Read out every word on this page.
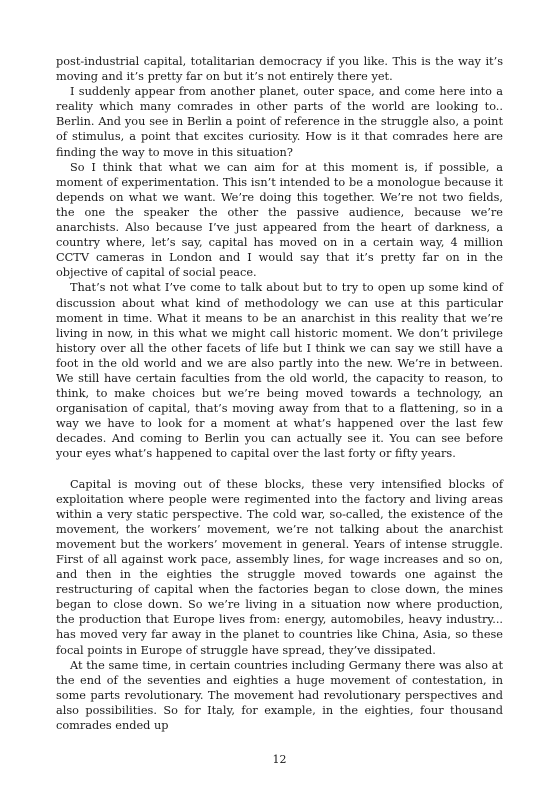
post-industrial capital, totalitarian democracy if you like. This is the way it’s moving and it’s pretty far on but it’s not entirely there yet.

I suddenly appear from another planet, outer space, and come here into a reality which many comrades in other parts of the world are looking to.. Berlin. And you see in Berlin a point of reference in the struggle also, a point of stimulus, a point that excites curiosity. How is it that comrades here are finding the way to move in this situation?

So I think that what we can aim for at this moment is, if possible, a moment of experimentation. This isn’t intended to be a monologue because it depends on what we want. We’re doing this together. We’re not two fields, the one the speaker the other the passive audience, because we’re anarchists. Also because I’ve just appeared from the heart of darkness, a country where, let’s say, capital has moved on in a certain way, 4 million CCTV cameras in London and I would say that it’s pretty far on in the objective of capital of social peace.

That’s not what I’ve come to talk about but to try to open up some kind of discussion about what kind of methodology we can use at this particular moment in time. What it means to be an anarchist in this reality that we’re living in now, in this what we might call historic moment. We don’t privilege history over all the other facets of life but I think we can say we still have a foot in the old world and we are also partly into the new. We’re in between. We still have certain faculties from the old world, the capacity to reason, to think, to make choices but we’re being moved towards a technology, an organisation of capital, that’s moving away from that to a flattening, so in a way we have to look for a moment at what’s happened over the last few decades. And coming to Berlin you can actually see it. You can see before your eyes what’s happened to capital over the last forty or fifty years.

Capital is moving out of these blocks, these very intensified blocks of exploitation where people were regimented into the factory and living areas within a very static perspective. The cold war, so-called, the existence of the movement, the workers’ movement, we’re not talking about the anarchist movement but the workers’ movement in general. Years of intense struggle. First of all against work pace, assembly lines, for wage increases and so on, and then in the eighties the struggle moved towards one against the restructuring of capital when the factories began to close down, the mines began to close down. So we’re living in a situation now where production, the production that Europe lives from: energy, automobiles, heavy industry... has moved very far away in the planet to countries like China, Asia, so these focal points in Europe of struggle have spread, they’ve dissipated.

At the same time, in certain countries including Germany there was also at the end of the seventies and eighties a huge movement of contestation, in some parts revolutionary. The movement had revolutionary perspectives and also possibilities. So for Italy, for example, in the eighties, four thousand comrades ended up

12
